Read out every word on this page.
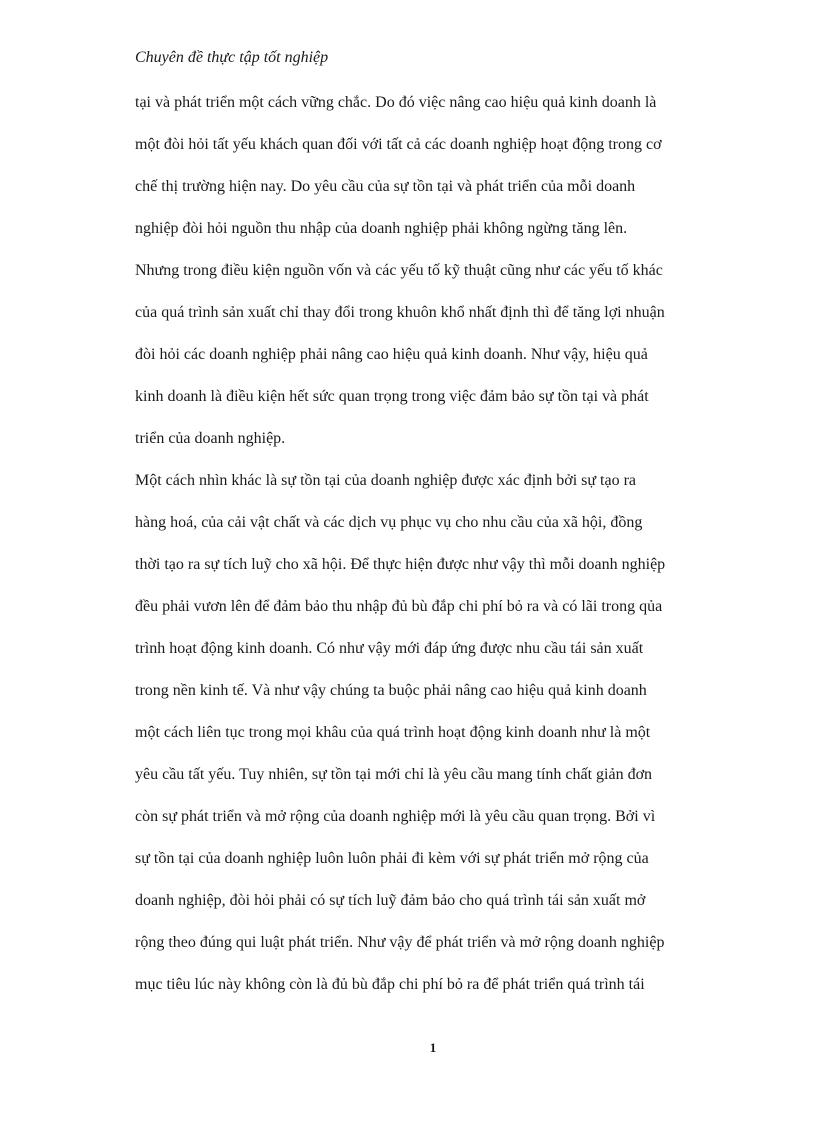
Chuyên đề thực tập tốt nghiệp
tại và phát triển một cách vững chắc. Do đó việc nâng cao hiệu quả kinh doanh là
một đòi hỏi tất yếu khách quan đối với tất cả các doanh nghiệp hoạt động trong cơ
chế thị trường hiện nay. Do yêu cầu của sự tồn tại và phát triển của mỗi doanh
nghiệp đòi hỏi nguồn thu nhập của doanh nghiệp phải không ngừng tăng lên.
Nhưng trong điều kiện nguồn vốn và các yếu tố kỹ thuật cũng như các yếu tố khác
của quá trình sản xuất chỉ thay đổi trong khuôn khổ nhất định thì để tăng lợi nhuận
đòi hỏi các doanh nghiệp phải nâng cao hiệu quả kinh doanh. Như vậy, hiệu quả
kinh doanh là điều kiện hết sức quan trọng trong việc đảm bảo sự tồn tại và phát
triển của doanh nghiệp.
Một cách nhìn khác là sự tồn tại của doanh nghiệp được xác định bởi sự tạo ra
hàng hoá, của cải vật chất và các dịch vụ phục vụ cho nhu cầu của xã hội, đồng
thời tạo ra sự tích luỹ cho xã hội. Để thực hiện được như vậy thì mỗi doanh nghiệp
đều phải vươn lên để đảm bảo thu nhập đủ bù đắp chi phí bỏ ra và có lãi trong qủa
trình hoạt động kinh doanh. Có như vậy mới đáp ứng được nhu cầu tái sản xuất
trong nền kinh tế. Và như vậy chúng ta buộc phải nâng cao hiệu quả kinh doanh
một cách liên tục trong mọi khâu của quá trình hoạt động kinh doanh như là một
yêu cầu tất yếu. Tuy nhiên, sự tồn tại mới chỉ là yêu cầu mang tính chất giản đơn
còn sự phát triển và mở rộng của doanh nghiệp mới là yêu cầu quan trọng. Bởi vì
sự tồn tại của doanh nghiệp luôn luôn phải đi kèm với sự phát triển mở rộng của
doanh nghiệp, đòi hỏi phải có sự tích luỹ đảm bảo cho quá trình tái sản xuất mở
rộng theo đúng qui luật phát triển. Như vậy để phát triển và mở rộng doanh nghiệp
mục tiêu lúc này không còn là đủ bù đắp chi phí bỏ ra để phát triển quá trình tái
1
